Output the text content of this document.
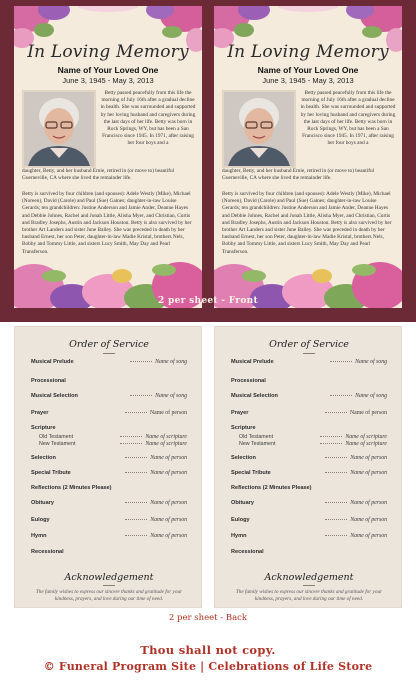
In Loving Memory
Name of Your Loved One
June 3, 1945 - May 3, 2013
Betty passed peacefully from this life the morning of July 16th after a gradual decline in health. She was surrounded and supported by her loving husband and caregivers during the last days of her life. Betty was born in Rock Springs, WY, but has been a San Francisco since 1945. In 1971, after raising her four boys and a
daughter, Betty, and her husband Ernie, retired in (or move to) beautiful Guerneville, CA where she lived the remainder life.
Betty is survived by four children (and spouses): Adele Westly (Mike), Michael (Noreen), David (Carole) and Paul (Sue) Gaines; daughter-in-law Louise Gerards; ten grandchildren: Justine Anderson and Jamie Ander, Deanne Hayes and Debbie Johnes, Rachel and Jonah Little, Alisha Myer, and Christian, Curtis and Bradley Josephs, Austin and Jackson Houston. Betty is also survived by her brother Art Landers and sister June Bailey. She was preceded in death by her husband Ernest, her son Peter, daughter-in-law Madie Kristal, brothers Nels, Bobby and Tommy Little, and sisters Lucy Smith, May Day and Pearl Transferson.
In Loving Memory
Name of Your Loved One
June 3, 1945 - May 3, 2013
Betty passed peacefully from this life the morning of July 16th after a gradual decline in health. She was surrounded and supported by her loving husband and caregivers during the last days of her life. Betty was born in Rock Springs, WY, but has been a San Francisco since 1945. In 1971, after raising her four boys and a
daughter, Betty, and her husband Ernie, retired in (or move to) beautiful Guerneville, CA where she lived the remainder life.
Betty is survived by four children (and spouses): Adele Westly (Mike), Michael (Noreen), David (Carole) and Paul (Sue) Gaines; daughter-in-law Louise Gerards; ten grandchildren: Justine Anderson and Jamie Ander, Deanne Hayes and Debbie Johnes, Rachel and Jonah Little, Alisha Myer, and Christian, Curtis and Bradley Josephs, Austin and Jackson Houston. Betty is also survived by her brother Art Landers and sister June Bailey. She was preceded in death by her husband Ernest, her son Peter, daughter-in-law Madie Kristal, brothers Nels, Bobby and Tommy Little, and sisters Lucy Smith, May Day and Pearl Transferson.
2 per sheet - Front
Order of Service
Musical Prelude	Name of song
Processional
Musical Selection	Name of song
Prayer	Name of person
Scripture
Old Testament	Name of scripture
New Testament	Name of scripture
Selection	Name of person
Special Tribute	Name of person
Reflections (2 Minutes Please)
Obituary	Name of person
Eulogy	Name of person
Hymn	Name of person
Recessional
Acknowledgement
The family wishes to express our sincere thanks and gratitude for your kindness, prayers, and love during our time of need.
Order of Service
Musical Prelude	Name of song
Processional
Musical Selection	Name of song
Prayer	Name of person
Scripture
Old Testament	Name of scripture
New Testament	Name of scripture
Selection	Name of person
Special Tribute	Name of person
Reflections (2 Minutes Please)
Obituary	Name of person
Eulogy	Name of person
Hymn	Name of person
Recessional
Acknowledgement
The family wishes to express our sincere thanks and gratitude for your kindness, prayers, and love during our time of need.
2 per sheet - Back
Thou shall not copy.
© Funeral Program Site | Celebrations of Life Store
